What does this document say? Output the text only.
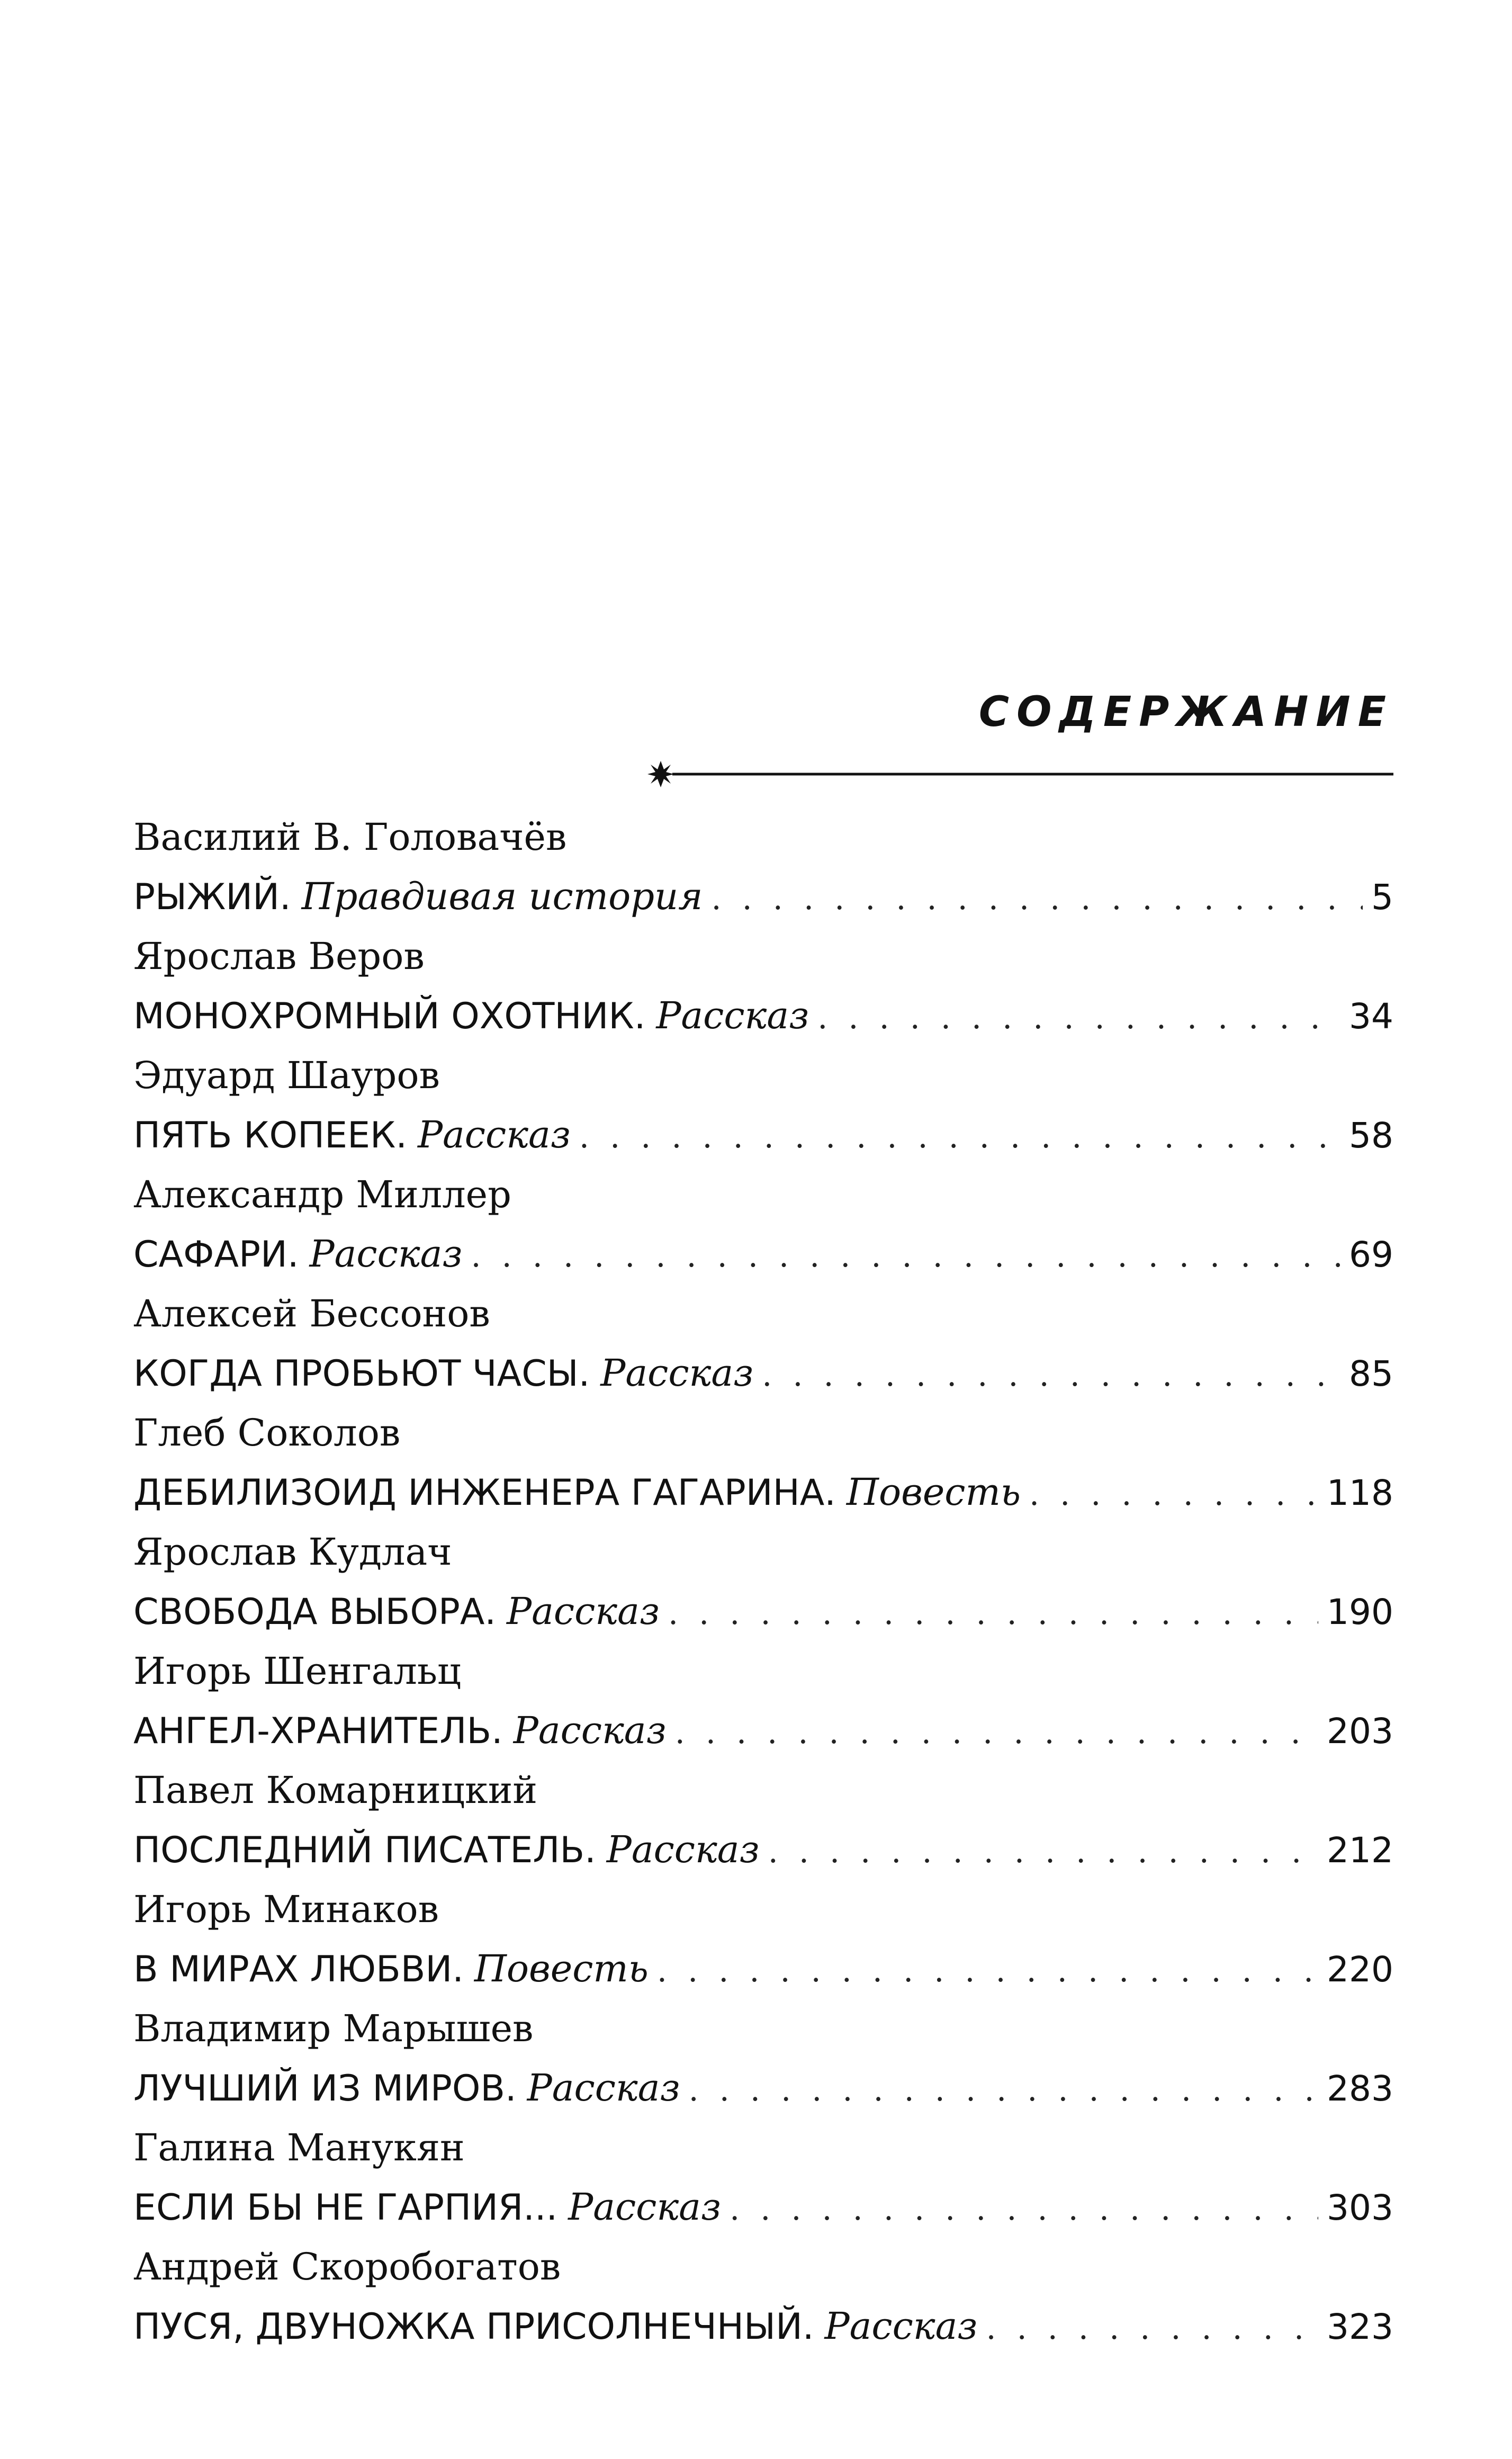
СОДЕРЖАНИЕ
Василий В. Головачёв
РЫЖИЙ. Правдивая история . . .	5
Ярослав Веров
МОНОХРОМНЫЙ ОХОТНИК. Рассказ . . .	34
Эдуард Шауров
ПЯТЬ КОПЕЕК. Рассказ . . .	58
Александр Миллер
САФАРИ. Рассказ . . .	69
Алексей Бессонов
КОГДА ПРОБЬЮТ ЧАСЫ. Рассказ . . .	85
Глеб Соколов
ДЕБИЛИЗОИД ИНЖЕНЕРА ГАГАРИНА. Повесть . . .	118
Ярослав Кудлач
СВОБОДА ВЫБОРА. Рассказ . . .	190
Игорь Шенгальц
АНГЕЛ-ХРАНИТЕЛЬ. Рассказ . . .	203
Павел Комарницкий
ПОСЛЕДНИЙ ПИСАТЕЛЬ. Рассказ . . .	212
Игорь Минаков
В МИРАХ ЛЮБВИ. Повесть . . .	220
Владимир Марышев
ЛУЧШИЙ ИЗ МИРОВ. Рассказ . . .	283
Галина Манукян
ЕСЛИ БЫ НЕ ГАРПИЯ... Рассказ . . .	303
Андрей Скоробогатов
ПУСЯ, ДВУНОЖКА ПРИСОЛНЕЧНЫЙ. Рассказ . . .	323
